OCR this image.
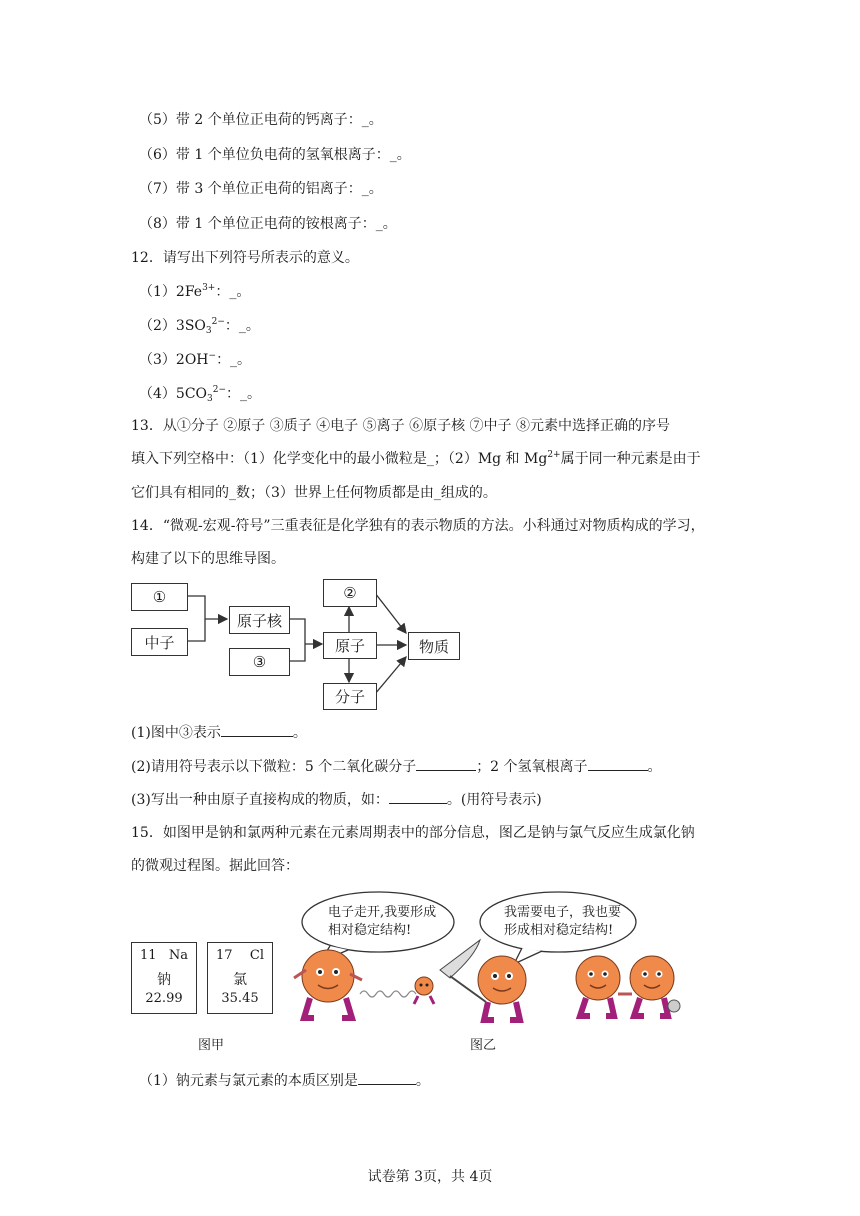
（5）带 2 个单位正电荷的钙离子：_。
（6）带 1 个单位负电荷的氢氧根离子：_。
（7）带 3 个单位正电荷的铝离子：_。
（8）带 1 个单位正电荷的铵根离子：_。
12．请写出下列符号所表示的意义。
$(1)2Fe^{3+}$：_。
$(2)3SO_3^{2-}$：_。
（3）2OH−：_。
$(4)5CO_3^{2-}$：_。
13．从①分子 ②原子 ③质子 ④电子 ⑤离子 ⑥原子核 ⑦中子 ⑧元素中选择正确的序号
填入下列空格中：（1）化学变化中的最小微粒是_；（2）Mg 和 $Mg^{2+}$属于同一种元素是由于
它们具有相同的_数；（3）世界上任何物质都是由_组成的。
14．“微观-宏观-符号”三重表征是化学独有的表示物质的方法。小科通过对物质构成的学习，
构建了以下的思维导图。
①
中子
原子核
③
②
原子
分子
物质
(1)图中③表示	。
(2)请用符号表示以下微粒：5 个二氧化碳分子	；2 个氢氧根离子	。
(3)写出一种由原子直接构成的物质，如：	。(用符号表示)
15．如图甲是钠和氯两种元素在元素周期表中的部分信息，图乙是钠与氯气反应生成氯化钠
的微观过程图。据此回答：
11 Na
钠
22.99
17 Cl
氯
35.45
图甲
电子走开,我要形成
相对稳定结构!
我需要电子，我也要
形成相对稳定结构!
图乙
（1）钠元素与氯元素的本质区别是	。
试卷第 3页，共 4页
